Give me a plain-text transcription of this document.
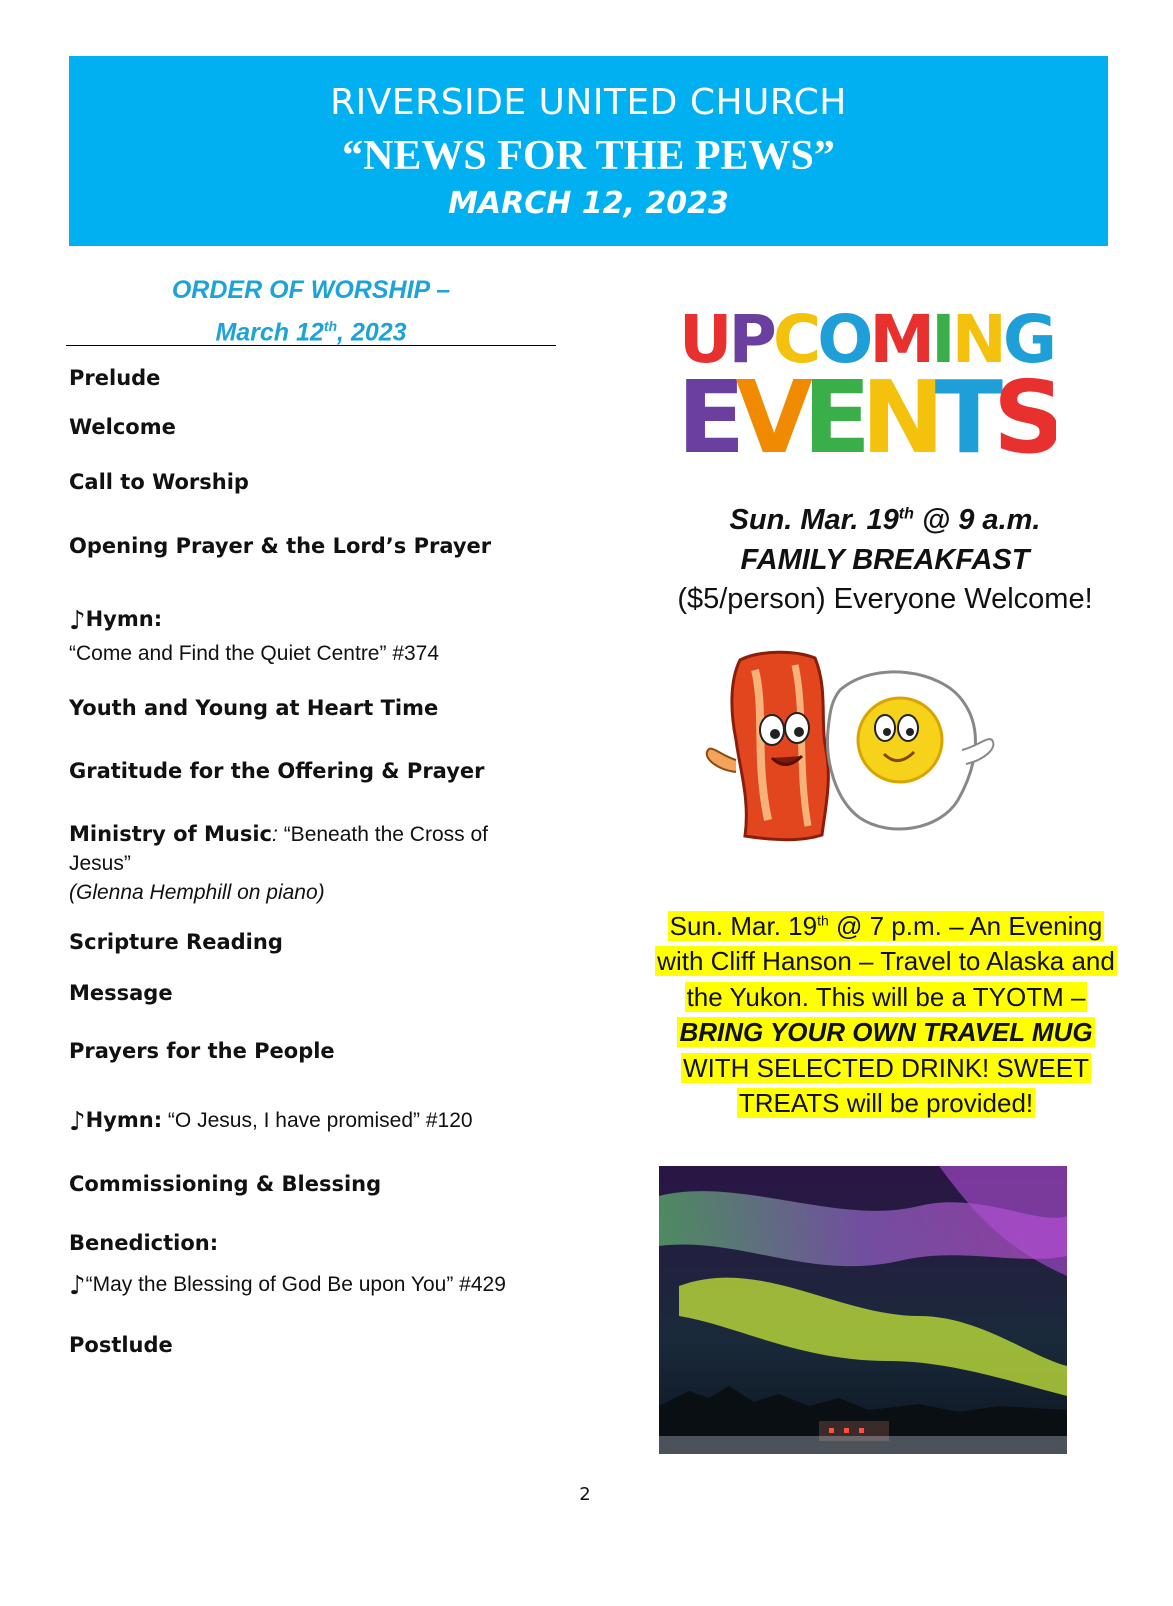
RIVERSIDE UNITED CHURCH
“NEWS FOR THE PEWS”
MARCH 12, 2023
ORDER OF WORSHIP –
March 12th, 2023
Prelude
Welcome
Call to Worship
Opening Prayer & the Lord’s Prayer
♪Hymn:
“Come and Find the Quiet Centre” #374
Youth and Young at Heart Time
Gratitude for the Offering & Prayer
Ministry of Music: “Beneath the Cross of
Jesus”
(Glenna Hemphill on piano)
Scripture Reading
Message
Prayers for the People
♪Hymn: “O Jesus, I have promised” #120
Commissioning & Blessing
Benediction:
♪“May the Blessing of God Be upon You” #429
Postlude
UPCOMING
EVENTS
Sun. Mar. 19th @ 9 a.m.
FAMILY BREAKFAST
($5/person) Everyone Welcome!
Sun. Mar. 19th @ 7 p.m. – An Evening with Cliff Hanson – Travel to Alaska and the Yukon. This will be a TYOTM – BRING YOUR OWN TRAVEL MUG WITH SELECTED DRINK! SWEET TREATS will be provided!
2
